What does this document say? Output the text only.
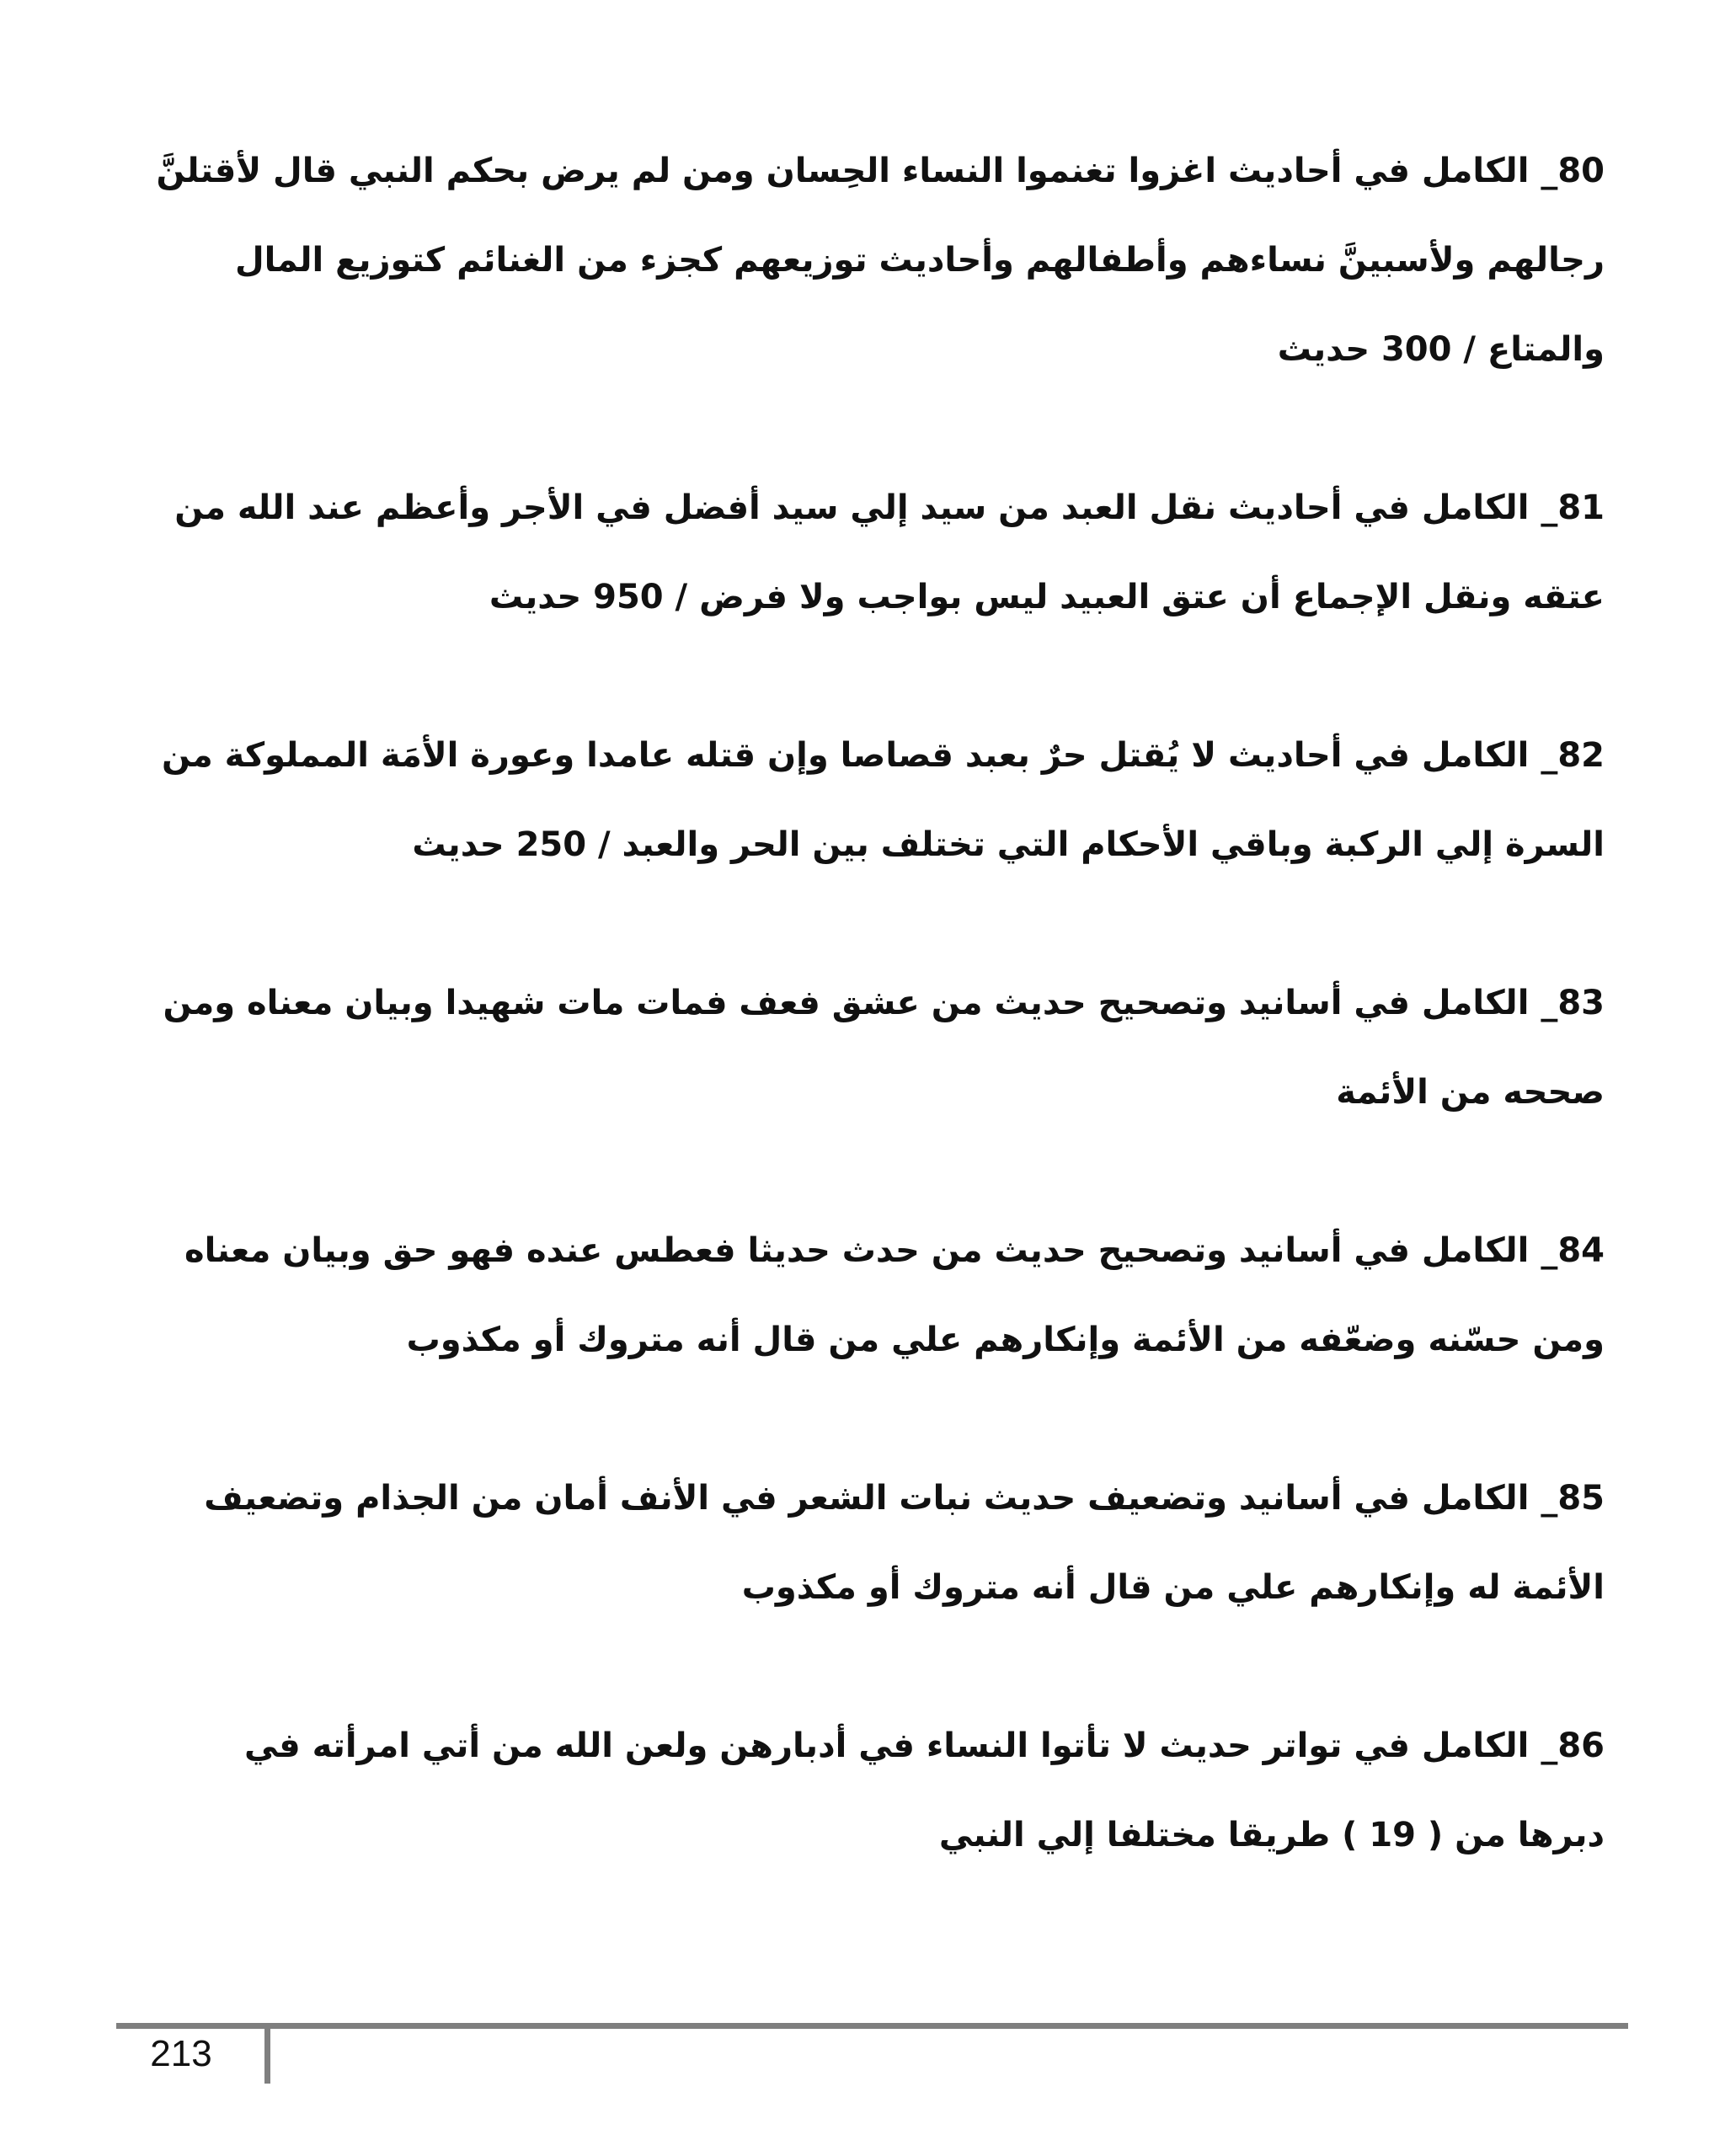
80_ الكامل في أحاديث اغزوا تغنموا النساء الحِسان ومن لم يرض بحكم النبي قال لأقتلنَّ رجالهم ولأسبينَّ نساءهم وأطفالهم وأحاديث توزيعهم كجزء من الغنائم كتوزيع المال والمتاع / 300 حديث

81_ الكامل في أحاديث نقل العبد من سيد إلي سيد أفضل في الأجر وأعظم عند الله من عتقه ونقل الإجماع أن عتق العبيد ليس بواجب ولا فرض / 950 حديث

82_ الكامل في أحاديث لا يُقتل حرٌ بعبد قصاصا وإن قتله عامدا وعورة الأمَة المملوكة من السرة إلي الركبة وباقي الأحكام التي تختلف بين الحر والعبد / 250 حديث

83_ الكامل في أسانيد وتصحيح حديث من عشق فعف فمات مات شهيدا وبيان معناه ومن صححه من الأئمة

84_ الكامل في أسانيد وتصحيح حديث من حدث حديثا فعطس عنده فهو حق وبيان معناه ومن حسّنه وضعّفه من الأئمة وإنكارهم علي من قال أنه متروك أو مكذوب

85_ الكامل في أسانيد وتضعيف حديث نبات الشعر في الأنف أمان من الجذام وتضعيف الأئمة له وإنكارهم علي من قال أنه متروك أو مكذوب

86_ الكامل في تواتر حديث لا تأتوا النساء في أدبارهن ولعن الله من أتي امرأته في دبرها من ( 19 ) طريقا مختلفا إلي النبي

213
